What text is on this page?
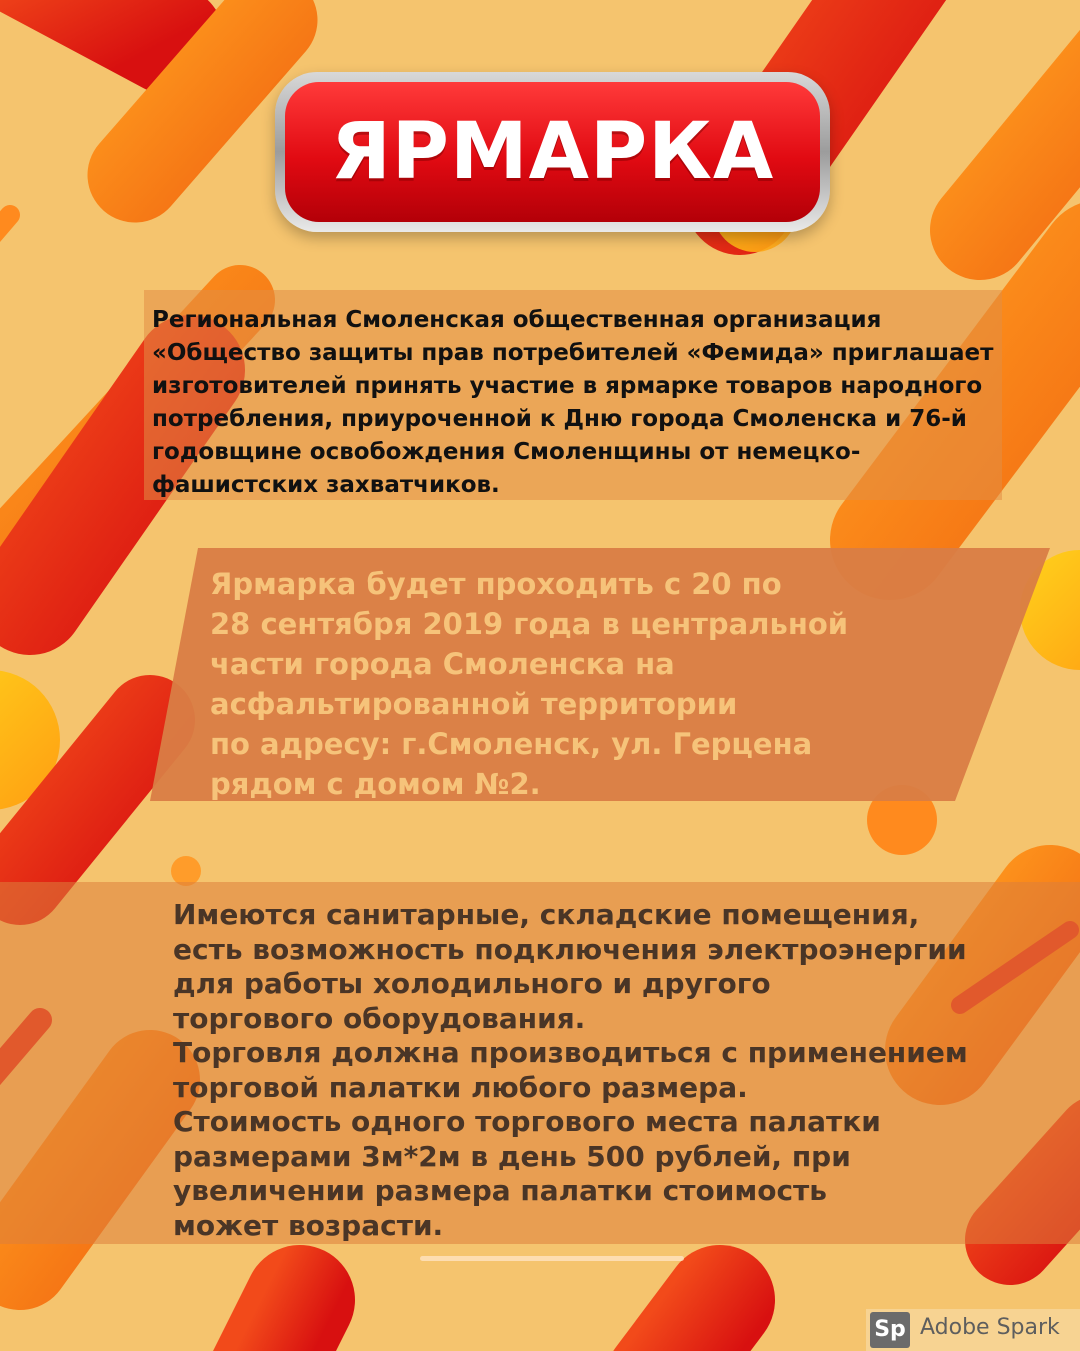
ЯРМАРКА

Региональная Смоленская общественная организация «Общество защиты прав потребителей «Фемида» приглашает изготовителей принять участие в ярмарке товаров народного потребления, приуроченной к Дню города Смоленска и 76-й годовщине освобождения Смоленщины от немецко- фашистских захватчиков.

Ярмарка будет проходить с 20 по
28 сентября 2019 года в центральной
части города Смоленска на
асфальтированной территории
по адресу: г.Смоленск, ул. Герцена
рядом с домом №2.

Имеются санитарные, складские помещения,
есть возможность подключения электроэнергии
для работы холодильного и другого
торгового оборудования.
Торговля должна производиться с применением
торговой палатки любого размера.
Стоимость одного торгового места палатки
размерами 3м*2м в день 500 рублей, при
увеличении размера палатки стоимость
может возрасти.

Sp Adobe Spark
